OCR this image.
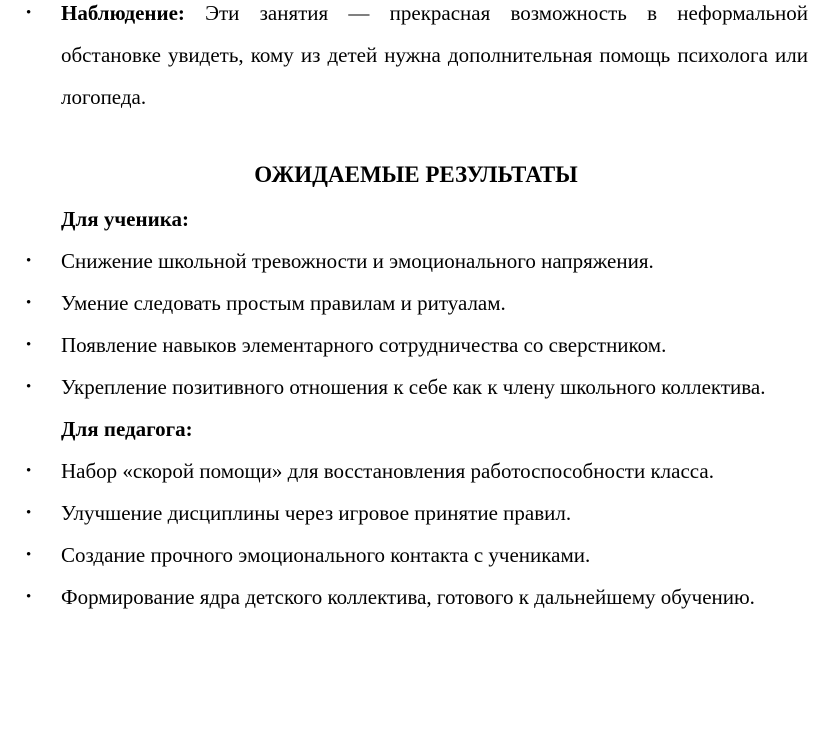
•	Наблюдение: Эти занятия — прекрасная возможность в неформальной обстановке увидеть, кому из детей нужна дополнительная помощь психолога или логопеда.
ОЖИДАЕМЫЕ РЕЗУЛЬТАТЫ
Для ученика:
•	Снижение школьной тревожности и эмоционального напряжения.
•	Умение следовать простым правилам и ритуалам.
•	Появление навыков элементарного сотрудничества со сверстником.
•	Укрепление позитивного отношения к себе как к члену школьного коллектива.
Для педагога:
•	Набор «скорой помощи» для восстановления работоспособности класса.
•	Улучшение дисциплины через игровое принятие правил.
•	Создание прочного эмоционального контакта с учениками.
•	Формирование ядра детского коллектива, готового к дальнейшему обучению.
